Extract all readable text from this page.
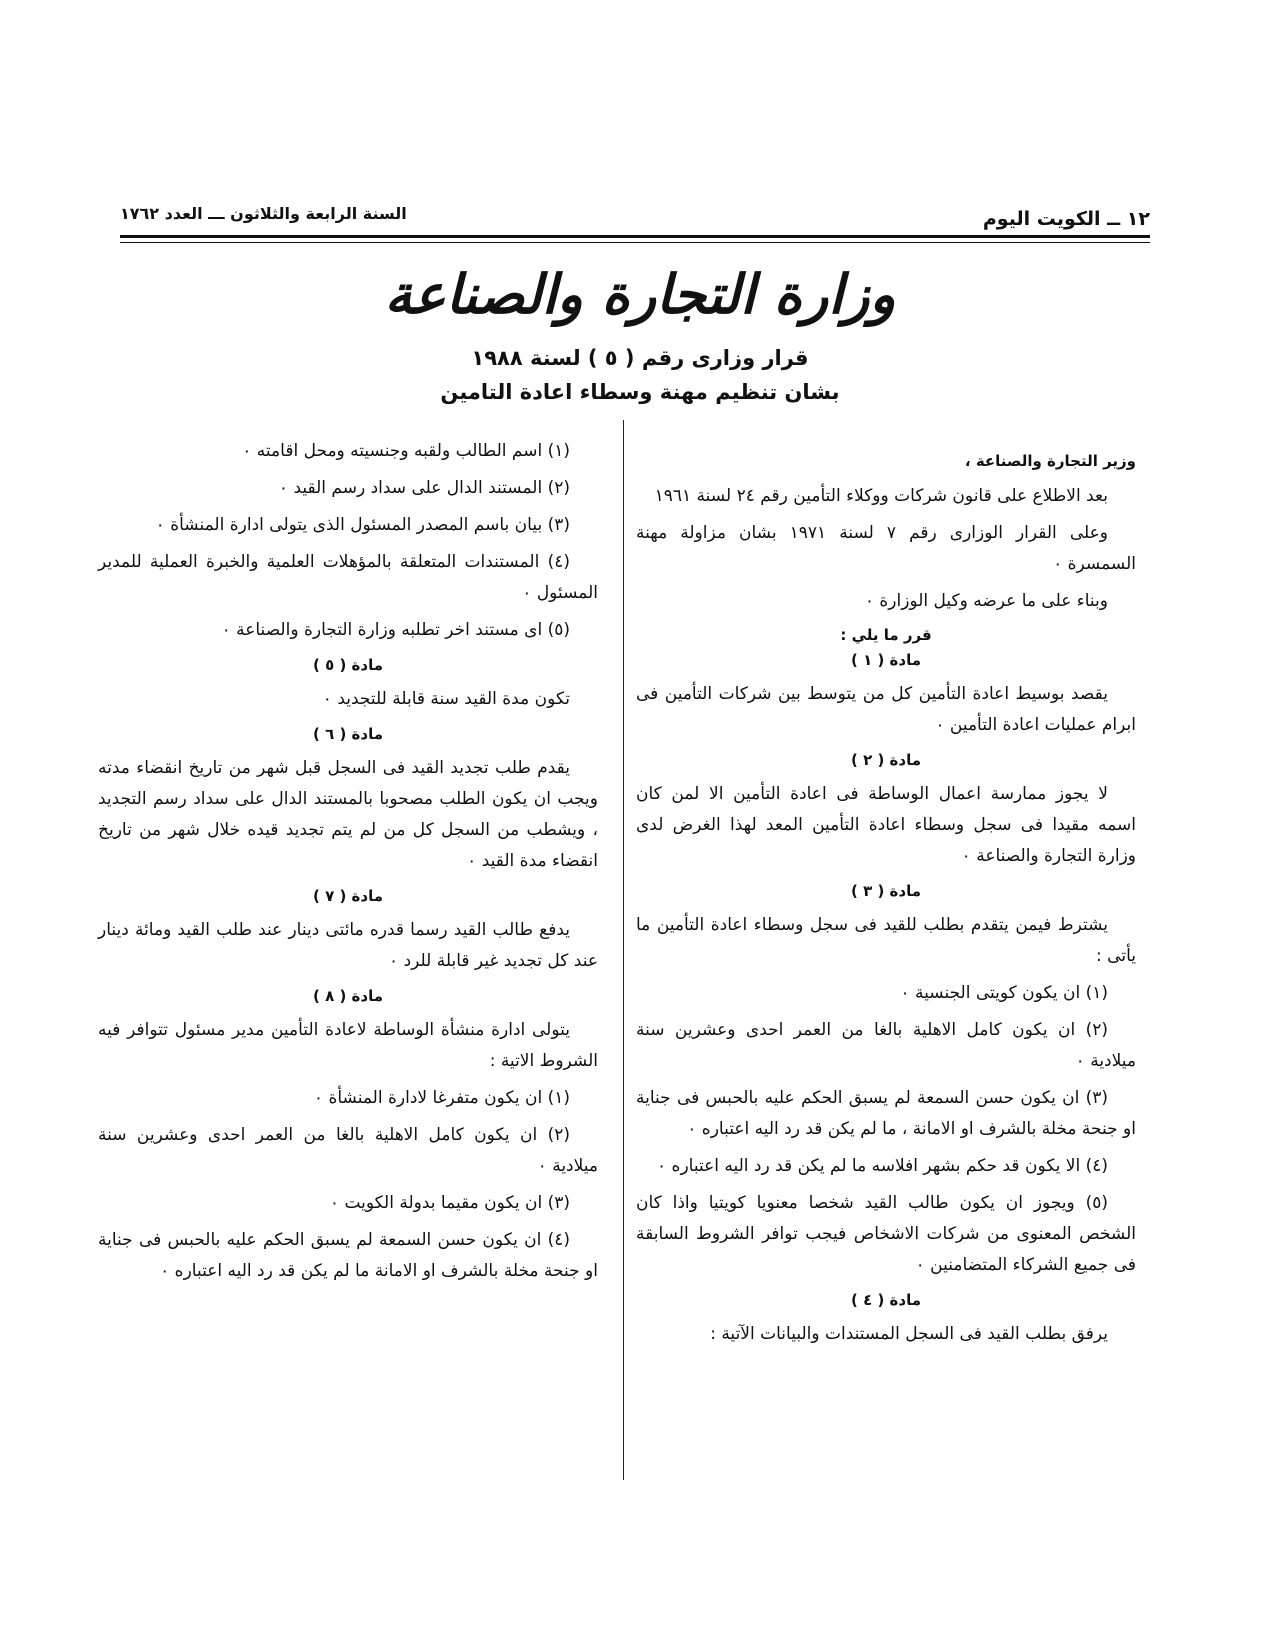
١٢ ــ الكويت اليوم
السنة الرابعة والثلاثون ـــ العدد ١٧٦٢
وزارة التجارة والصناعة
قرار وزارى رقم ( ٥ ) لسنة ١٩٨٨
بشان تنظيم مهنة وسطاء اعادة التامين

وزير التجارة والصناعة ،

بعد الاطلاع على قانون شركات ووكلاء التأمين رقم ٢٤ لسنة ١٩٦١

وعلى القرار الوزارى رقم ٧ لسنة ١٩٧١ بشان مزاولة مهنة السمسرة ٠

وبناء على ما عرضه وكيل الوزارة ٠

قرر ما يلي :

مادة ( ١ )

يقصد بوسيط اعادة التأمين كل من يتوسط بين شركات التأمين فى ابرام عمليات اعادة التأمين ٠

مادة ( ٢ )

لا يجوز ممارسة اعمال الوساطة فى اعادة التأمين الا لمن كان اسمه مقيدا فى سجل وسطاء اعادة التأمين المعد لهذا الغرض لدى وزارة التجارة والصناعة ٠

مادة ( ٣ )

يشترط فيمن يتقدم بطلب للقيد فى سجل وسطاء اعادة التأمين ما يأتى :

(١) ان يكون كويتى الجنسية ٠

(٢) ان يكون كامل الاهلية بالغا من العمر احدى وعشرين سنة ميلادية ٠

(٣) ان يكون حسن السمعة لم يسبق الحكم عليه بالحبس فى جناية او جنحة مخلة بالشرف او الامانة ، ما لم يكن قد رد اليه اعتباره ٠

(٤) الا يكون قد حكم بشهر افلاسه ما لم يكن قد رد اليه اعتباره ٠

(٥) ويجوز ان يكون طالب القيد شخصا معنويا كويتيا واذا كان الشخص المعنوى من شركات الاشخاص فيجب توافر الشروط السابقة فى جميع الشركاء المتضامنين ٠

مادة ( ٤ )

يرفق بطلب القيد فى السجل المستندات والبيانات الآتية :

(١) اسم الطالب ولقبه وجنسيته ومحل اقامته ٠

(٢) المستند الدال على سداد رسم القيد ٠

(٣) بيان باسم المصدر المسئول الذى يتولى ادارة المنشأة ٠

(٤) المستندات المتعلقة بالمؤهلات العلمية والخبرة العملية للمدير المسئول ٠

(٥) اى مستند اخر تطلبه وزارة التجارة والصناعة ٠

مادة ( ٥ )

تكون مدة القيد سنة قابلة للتجديد ٠

مادة ( ٦ )

يقدم طلب تجديد القيد فى السجل قبل شهر من تاريخ انقضاء مدته ويجب ان يكون الطلب مصحوبا بالمستند الدال على سداد رسم التجديد ، ويشطب من السجل كل من لم يتم تجديد قيده خلال شهر من تاريخ انقضاء مدة القيد ٠

مادة ( ٧ )

يدفع طالب القيد رسما قدره مائتى دينار عند طلب القيد ومائة دينار عند كل تجديد غير قابلة للرد ٠

مادة ( ٨ )

يتولى ادارة منشأة الوساطة لاعادة التأمين مدير مسئول تتوافر فيه الشروط الاتية :

(١) ان يكون متفرغا لادارة المنشأة ٠

(٢) ان يكون كامل الاهلية بالغا من العمر احدى وعشرين سنة ميلادية ٠

(٣) ان يكون مقيما بدولة الكويت ٠

(٤) ان يكون حسن السمعة لم يسبق الحكم عليه بالحبس فى جناية او جنحة مخلة بالشرف او الامانة ما لم يكن قد رد اليه اعتباره ٠
